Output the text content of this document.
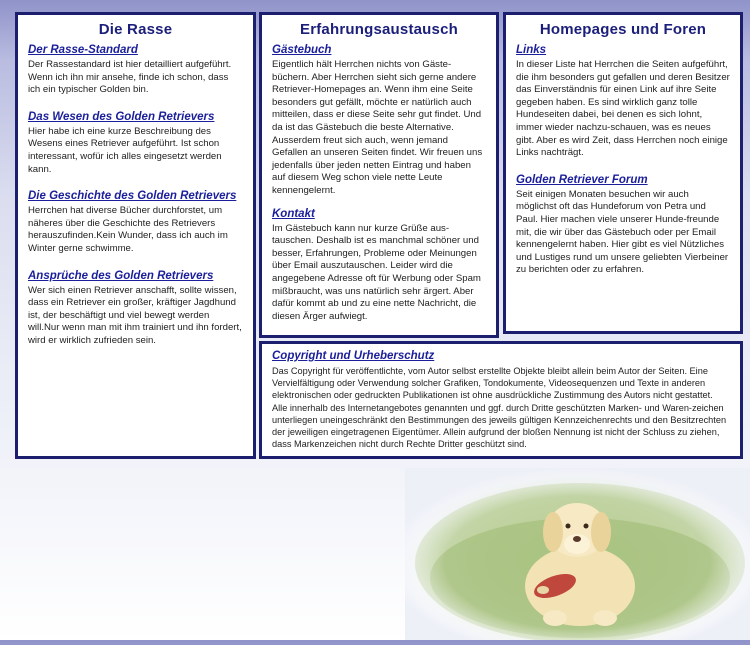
Die Rasse
Der Rasse-Standard

Der Rassestandard ist hier detailliert aufgeführt. Wenn ich ihn mir ansehe, finde ich schon, dass ich ein typischer Golden bin.

Das Wesen des Golden Retrievers

Hier habe ich eine kurze Beschreibung des Wesens eines Retriever aufgeführt. Ist schon interessant, wofür ich alles eingesetzt werden kann.

Die Geschichte des Golden Retrievers

Herrchen hat diverse Bücher durchforstet, um näheres über die Geschichte des Retrievers herauszufinden.Kein Wunder, dass ich auch im Winter gerne schwimme.

Ansprüche des Golden Retrievers

Wer sich einen Retriever anschafft, sollte wissen, dass ein Retriever ein großer, kräftiger Jagdhund ist, der beschäftigt und viel bewegt werden will.Nur wenn man mit ihm trainiert und ihn fordert, wird er wirklich zufrieden sein.

Erfahrungsaustausch
Gästebuch

Eigentlich hält Herrchen nichts von Gäste-büchern. Aber Herrchen sieht sich gerne andere Retriever-Homepages an. Wenn ihm eine Seite besonders gut gefällt, möchte er natürlich auch mitteilen, dass er diese Seite sehr gut findet. Und da ist das Gästebuch die beste Alternative. Ausserdem freut sich auch, wenn jemand Gefallen an unseren Seiten findet. Wir freuen uns jedenfalls über jeden netten Eintrag und haben auf diesem Weg schon viele nette Leute kennengelernt.

Kontakt

Im Gästebuch kann nur kurze Grüße aus-tauschen. Deshalb ist es manchmal schöner und besser, Erfahrungen, Probleme oder Meinungen über Email auszutauschen. Leider wird die angegebene Adresse oft für Werbung oder Spam mißbraucht, was uns natürlich sehr ärgert. Aber dafür kommt ab und zu eine nette Nachricht, die diesen Ärger aufwiegt.

Homepages und Foren
Links

In dieser Liste hat Herrchen die Seiten aufgeführt, die ihm besonders gut gefallen und deren Besitzer das Einverständnis für einen Link auf ihre Seite gegeben haben. Es sind wirklich ganz tolle Hundeseiten dabei, bei denen es sich lohnt, immer wieder nachzu-schauen, was es neues gibt. Aber es wird Zeit, dass Herrchen noch einige Links nachträgt.

Golden Retriever Forum

Seit einigen Monaten besuchen wir auch möglichst oft das Hundeforum von Petra und Paul. Hier machen viele unserer Hunde-freunde mit, die wir über das Gästebuch oder per Email kennengelernt haben. Hier gibt es viel Nützliches und Lustiges rund um unsere geliebten Vierbeiner zu berichten oder zu erfahren.

Copyright und Urheberschutz

Das Copyright für veröffentlichte, vom Autor selbst erstellte Objekte bleibt allein beim Autor der Seiten. Eine Vervielfältigung oder Verwendung solcher Grafiken, Tondokumente, Videosequenzen und Texte in anderen elektronischen oder gedruckten Publikationen ist ohne ausdrückliche Zustimmung des Autors nicht gestattet. Alle innerhalb des Internetangebotes genannten und ggf. durch Dritte geschützten Marken- und Waren-zeichen unterliegen uneingeschränkt den Bestimmungen des jeweils gültigen Kennzeichenrechts und den Besitzrechten der jeweiligen eingetragenen Eigentümer. Allein aufgrund der bloßen Nennung ist nicht der Schluss zu ziehen, dass Markenzeichen nicht durch Rechte Dritter geschützt sind.
